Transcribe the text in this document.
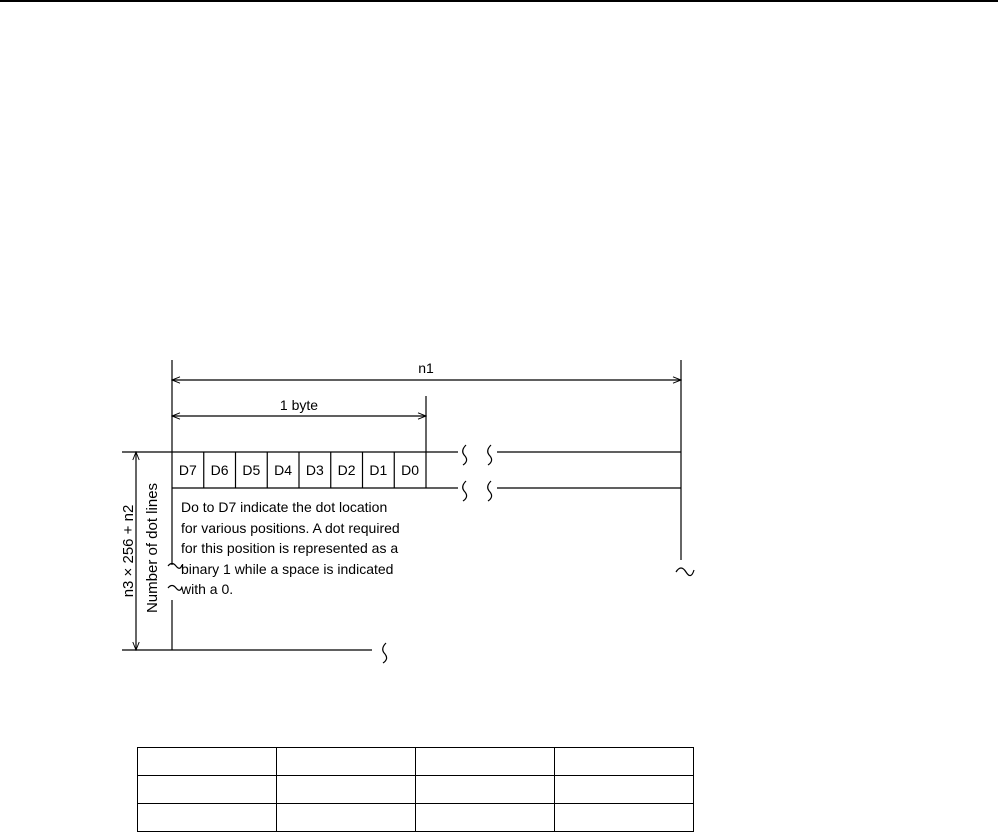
n1
1 byte
D7 D6 D5 D4 D3 D2 D1 D0
n3 × 256 + n2 Number of dot lines Do to D7 indicate the dot location
for various positions. A dot required
for this position is represented as a
binary 1 while a space is indicated
with a 0.
